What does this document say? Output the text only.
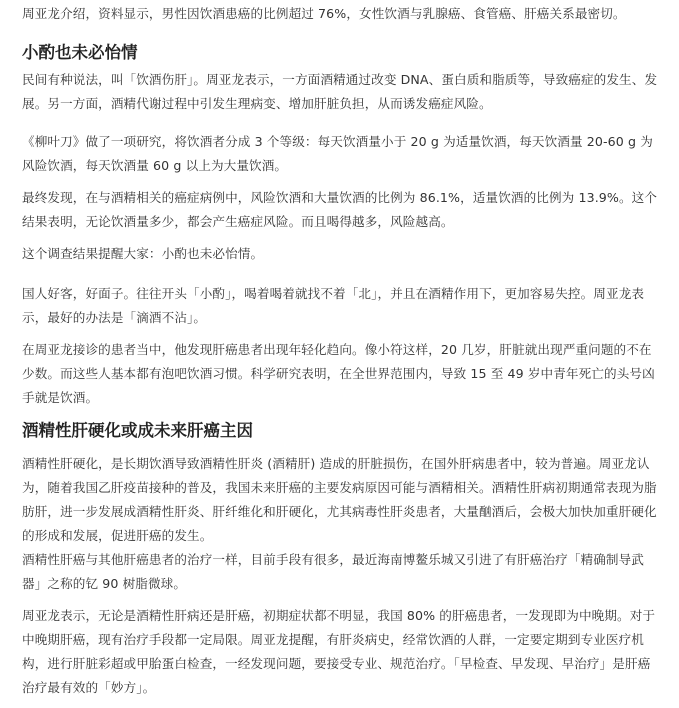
周亚龙介绍，资料显示，男性因饮酒患癌的比例超过 76%，女性饮酒与乳腺癌、食管癌、肝癌关系最密切。

小酌也未必怡情

民间有种说法，叫「饮酒伤肝」。周亚龙表示，一方面酒精通过改变 DNA、蛋白质和脂质等，导致癌症的发生、发展。另一方面，酒精代谢过程中引发生理病变、增加肝脏负担，从而诱发癌症风险。

《柳叶刀》做了一项研究，将饮酒者分成 3 个等级：每天饮酒量小于 20 g 为适量饮酒，每天饮酒量 20-60 g 为风险饮酒，每天饮酒量 60 g 以上为大量饮酒。

最终发现，在与酒精相关的癌症病例中，风险饮酒和大量饮酒的比例为 86.1%，适量饮酒的比例为 13.9%。这个结果表明，无论饮酒量多少，都会产生癌症风险。而且喝得越多，风险越高。

这个调查结果提醒大家：小酌也未必怡情。

国人好客，好面子。往往开头「小酌」，喝着喝着就找不着「北」，并且在酒精作用下，更加容易失控。周亚龙表示，最好的办法是「滴酒不沾」。

在周亚龙接诊的患者当中，他发现肝癌患者出现年轻化趋向。像小符这样，20 几岁，肝脏就出现严重问题的不在少数。而这些人基本都有泡吧饮酒习惯。科学研究表明，在全世界范围内，导致 15 至 49 岁中青年死亡的头号凶手就是饮酒。

酒精性肝硬化或成未来肝癌主因

酒精性肝硬化，是长期饮酒导致酒精性肝炎 (酒精肝) 造成的肝脏损伤，在国外肝病患者中，较为普遍。周亚龙认为，随着我国乙肝疫苗接种的普及，我国未来肝癌的主要发病原因可能与酒精相关。酒精性肝病初期通常表现为脂肪肝，进一步发展成酒精性肝炎、肝纤维化和肝硬化，尤其病毒性肝炎患者，大量酗酒后，会极大加快加重肝硬化的形成和发展，促进肝癌的发生。

酒精性肝癌与其他肝癌患者的治疗一样，目前手段有很多，最近海南博鳌乐城又引进了有肝癌治疗「精确制导武器」之称的钇 90 树脂微球。

周亚龙表示，无论是酒精性肝病还是肝癌，初期症状都不明显，我国 80% 的肝癌患者，一发现即为中晚期。对于中晚期肝癌，现有治疗手段都一定局限。周亚龙提醒，有肝炎病史，经常饮酒的人群，一定要定期到专业医疗机构，进行肝脏彩超或甲胎蛋白检查，一经发现问题，要接受专业、规范治疗。「早检查、早发现、早治疗」是肝癌治疗最有效的「妙方」。
